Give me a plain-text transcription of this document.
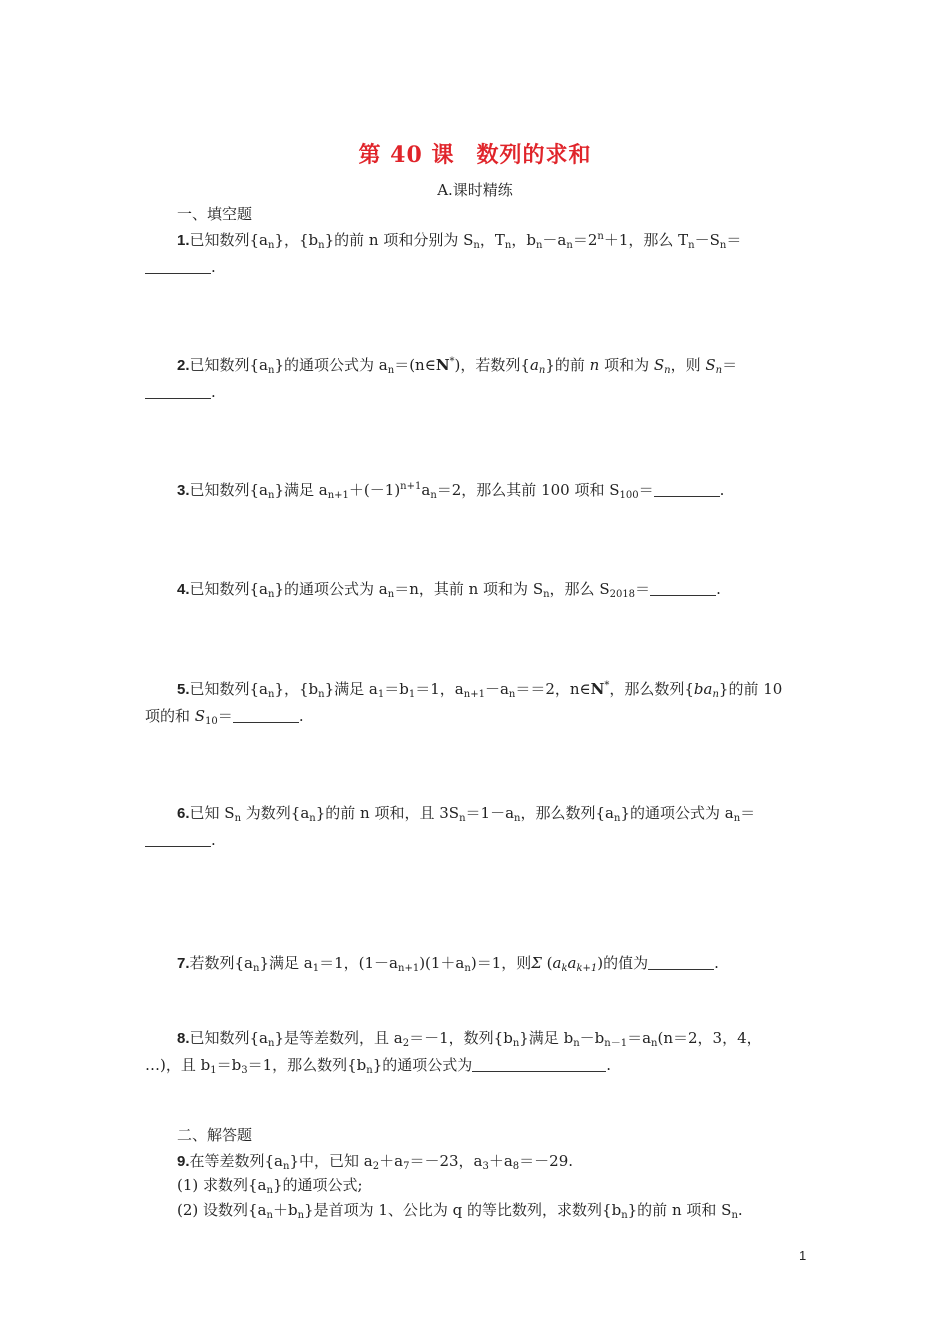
第 40 课 数列的求和
A.课时精练
一、填空题
1.已知数列$\{a_n\}$，$\{b_n\}$的前 n 项和分别为 $S_n$，$T_n$，$b_n-a_n=2^n+1$，那么 $T_n-S_n=$
.
2.已知数列$\{a_n\}$的通项公式为 $a_n=(n\in N^*)$，若数列$\{a_n\}$的前 n 项和为 $S_n$，则 $S_n=$
.
3.已知数列$\{a_n\}$满足 $a_{n+1}+(-1)^{n+1}a_n=2$，那么其前 100 项和 $S_{100}=$	.
4.已知数列$\{a_n\}$的通项公式为 $a_n=n$，其前 n 项和为 $S_n$，那么 $S_{2018}=$	.
5.已知数列$\{a_n\}$，$\{b_n\}$满足 $a_1=b_1=1$，$a_{n+1}-a_n==2$，n∈N*，那么数列$\{ba_n\}$的前 10
项的和 $S_{10}=$	.
6.已知 $S_n$ 为数列$\{a_n\}$的前 n 项和，且 $3S_n=1-a_n$，那么数列$\{a_n\}$的通项公式为 $a_n=$
.
7.若数列$\{a_n\}$满足 $a_1=1$，$(1-a_{n+1})(1+a_n)=1$，则Σ $(a_ka_{k+1})$的值为	.
8.已知数列$\{a_n\}$是等差数列，且 $a_2=-1$，数列$\{b_n\}$满足 $b_n-b_{n-1}=a_n(n=2$，3，4，
…)，且 $b_1=b_3=1$，那么数列$\{b_n\}$的通项公式为	.
二、解答题
9.在等差数列$\{a_n\}$中，已知 $a_2+a_7=-23$，$a_3+a_8=-29$.
(1) 求数列$\{a_n\}$的通项公式;
(2) 设数列$\{a_n+b_n\}$是首项为 1、公比为 q 的等比数列，求数列$\{b_n\}$的前 n 项和 $S_n$.
1
